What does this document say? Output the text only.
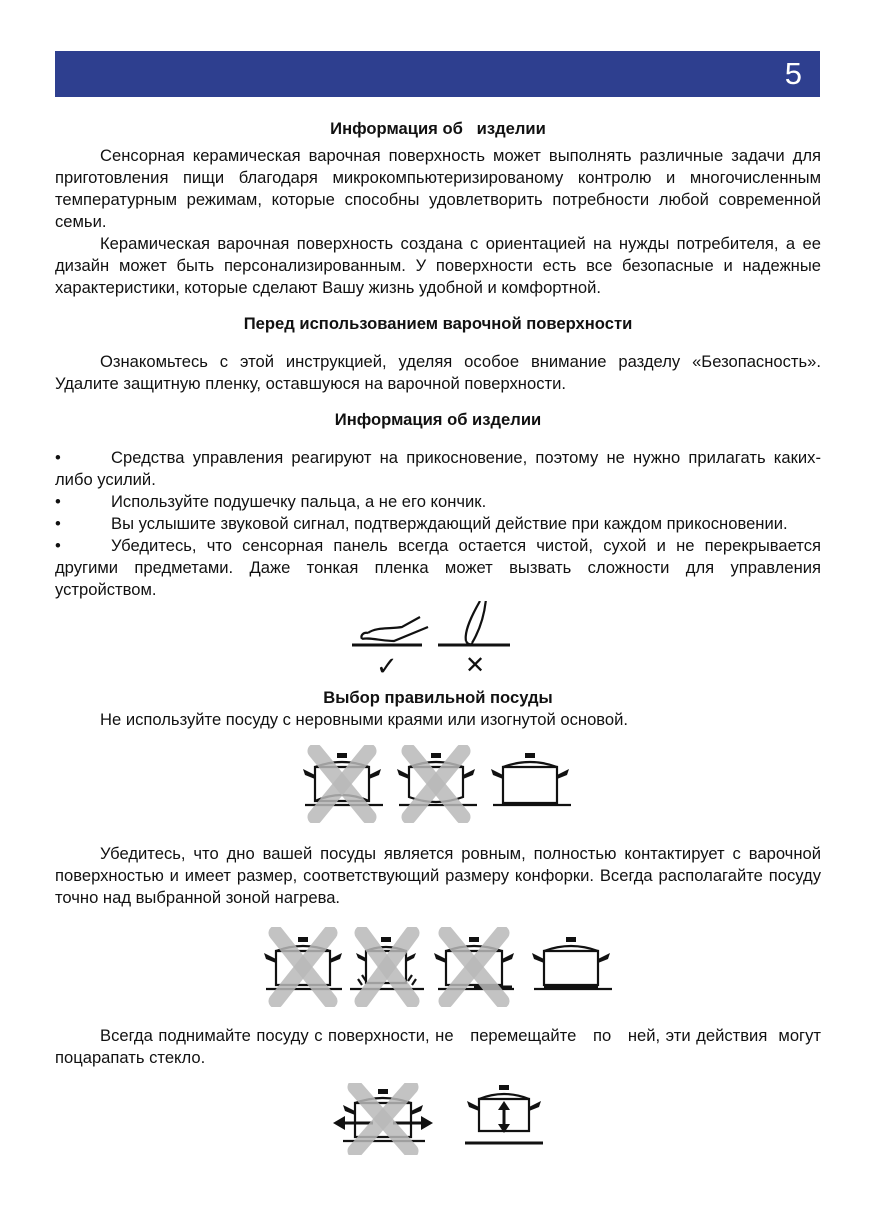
5
Информация об   изделии

Сенсорная керамическая варочная поверхность может выполнять различные задачи для приготовления пищи благодаря микрокомпьютеризированому контролю и многочисленным температурным режимам, которые способны удовлетворить потребности любой современной семьи.

Керамическая варочная поверхность создана с ориентацией на нужды потребителя, а ее дизайн может быть персонализированным. У поверхности есть все безопасные и надежные характеристики, которые сделают Вашу жизнь удобной и комфортной.

Перед использованием варочной поверхности

Ознакомьтесь с этой инструкцией, уделяя особое внимание разделу «Безопасность». Удалите защитную пленку, оставшуюся на варочной поверхности.

Информация об изделии
•	Средства управления реагируют на прикосновение, поэтому не нужно прилагать каких-либо усилий.
•	Используйте подушечку пальца, а не его кончик.
•	Вы услышите звуковой сигнал, подтверждающий действие при каждом прикосновении.
•	Убедитесь, что сенсорная панель всегда остается чистой, сухой и не перекрывается другими предметами. Даже тонкая пленка может вызвать сложности для управления устройством.
✓	✕
Выбор правильной посуды

Не используйте посуду с неровными краями или изогнутой основой.

Убедитесь, что дно вашей посуды является ровным, полностью контактирует с варочной поверхностью и имеет размер, соответствующий размеру конфорки. Всегда располагайте посуду точно над выбранной зоной нагрева.

Всегда поднимайте посуду с поверхности, не   перемещайте   по   ней, эти действия  могут  поцарапать стекло.
